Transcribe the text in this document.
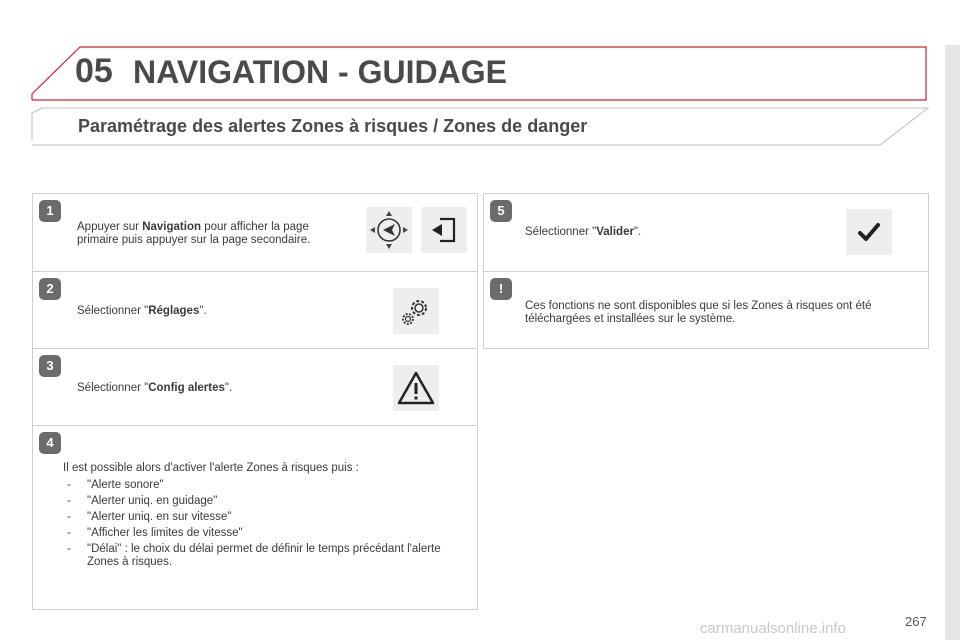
05 NAVIGATION - GUIDAGE
Paramétrage des alertes Zones à risques / Zones de danger
1
Appuyer sur Navigation pour afficher la page primaire puis appuyer sur la page secondaire.
2
Sélectionner "Réglages".
3
Sélectionner "Config alertes".
4
Il est possible alors d'activer l'alerte Zones à risques puis :
- "Alerte sonore"
- "Alerter uniq. en guidage"
- "Alerter uniq. en sur vitesse"
- "Afficher les limites de vitesse"
- "Délai" : le choix du délai permet de définir le temps précédant l'alerte Zones à risques.
5
Sélectionner "Valider".
!
Ces fonctions ne sont disponibles que si les Zones à risques ont été téléchargées et installées sur le système.
267
carmanualsonline.info
